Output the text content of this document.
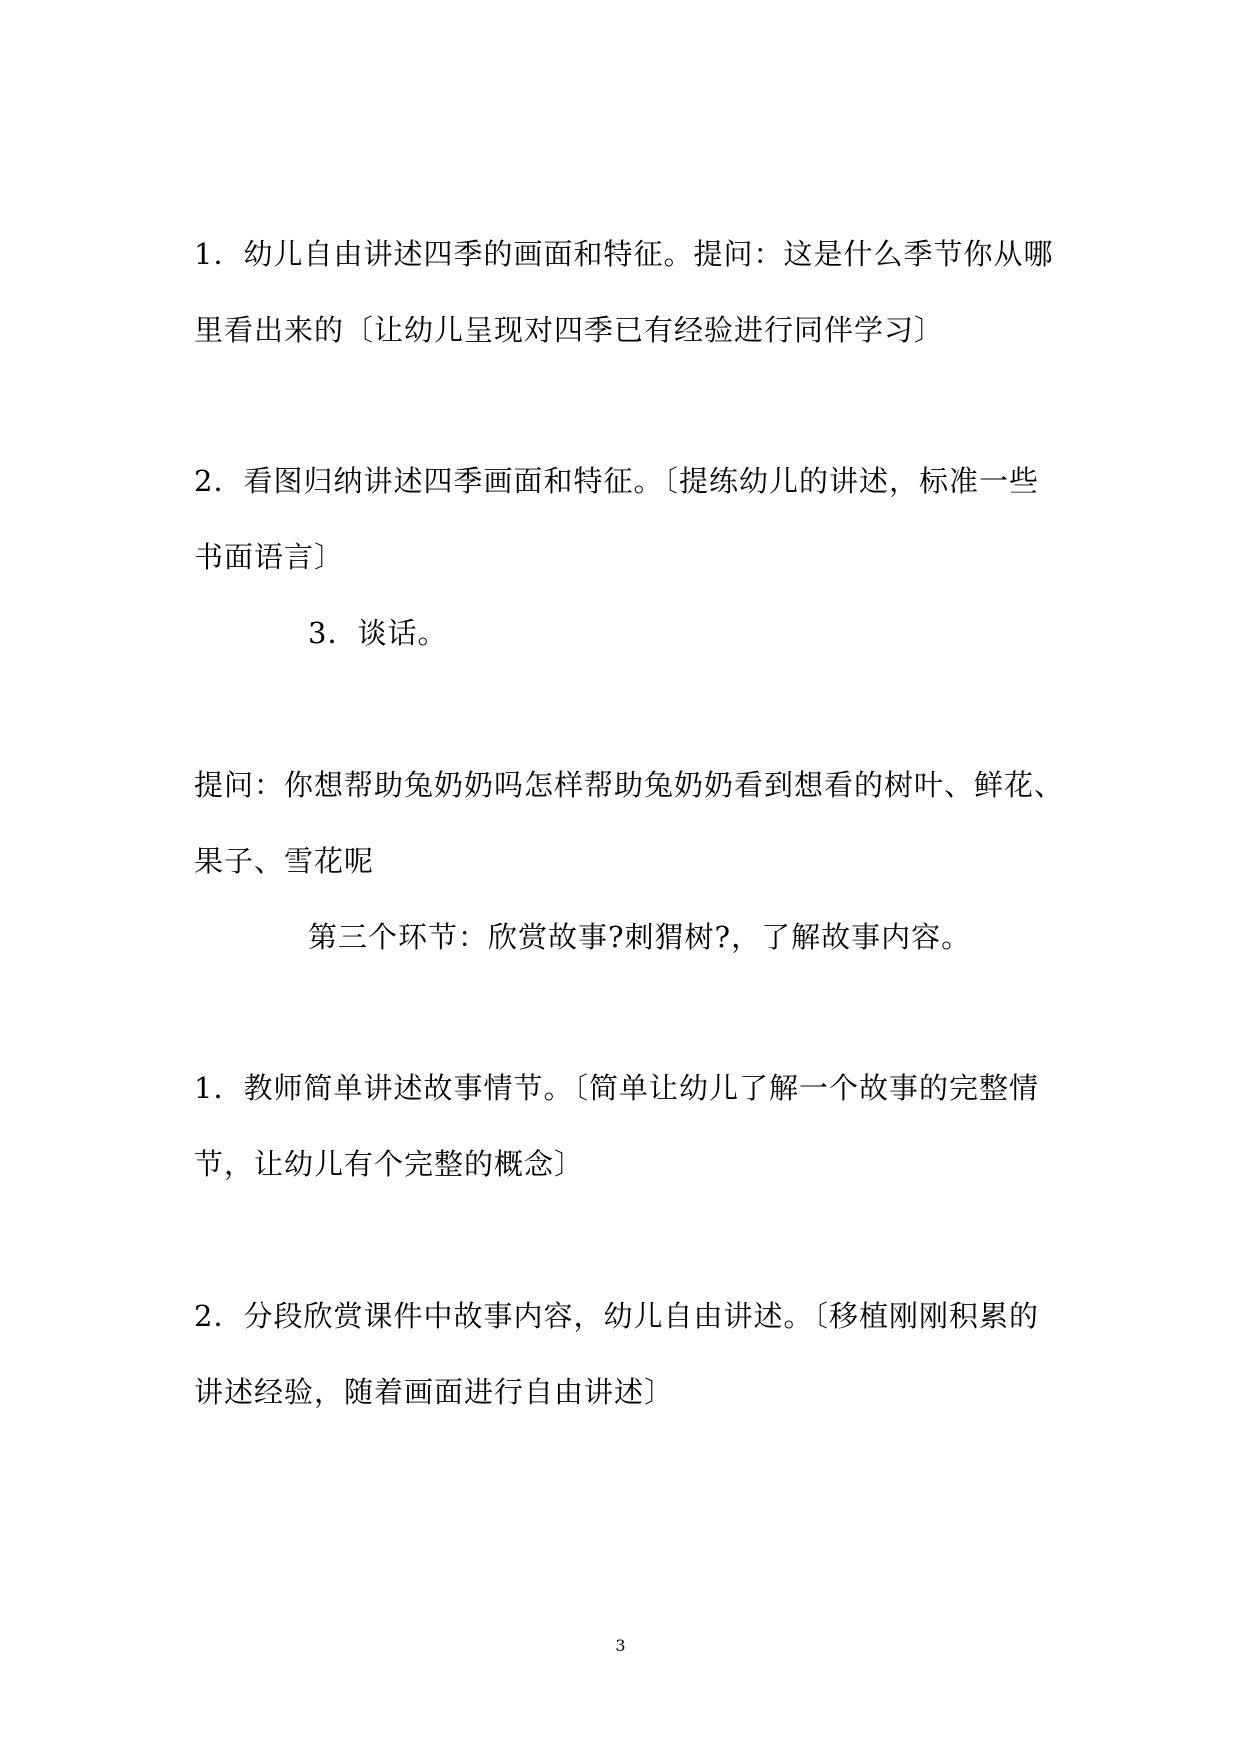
1．幼儿自由讲述四季的画面和特征。提问：这是什么季节你从哪
里看出来的〔让幼儿呈现对四季已有经验进行同伴学习〕
2．看图归纳讲述四季画面和特征。〔提练幼儿的讲述，标准一些
书面语言〕
3．谈话。
提问：你想帮助兔奶奶吗怎样帮助兔奶奶看到想看的树叶、鲜花、
果子、雪花呢
第三个环节：欣赏故事?刺猬树?，了解故事内容。
1．教师简单讲述故事情节。〔简单让幼儿了解一个故事的完整情
节，让幼儿有个完整的概念〕
2．分段欣赏课件中故事内容，幼儿自由讲述。〔移植刚刚积累的
讲述经验，随着画面进行自由讲述〕
3
